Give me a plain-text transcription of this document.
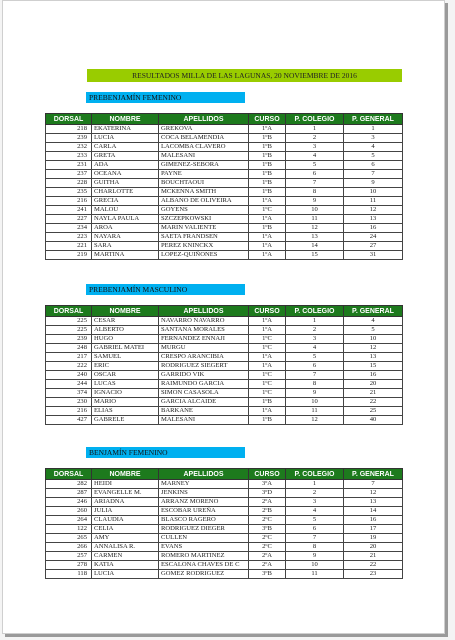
RESULTADOS MILLA DE LAS LAGUNAS, 20 NOVIEMBRE DE 2016
PREBENJAMÍN FEMENINO
DORSAL	NOMBRE	APELLIDOS	CURSO	P. COLEGIO	P. GENERAL
218	EKATERINA	GREKOVA	1ºA	1	1
239	LUCIA	COCA BELAMENDIA	1ºB	2	3
232	CARLA	LACOMBA CLAVERO	1ºB	3	4
233	GRETA	MALESANI	1ºB	4	5
231	ADA	GIMENEZ-SEBORA	1ºB	5	6
237	OCEANA	PAYNE	1ºB	6	7
228	GUITHA	BOUCHTAOUI	1ºB	7	9
235	CHARLOTTE	MCKENNA SMITH	1ºB	8	10
216	GRECIA	ALBANO DE OLIVEIRA	1ºA	9	11
241	MALOU	GOYENS	1ºC	10	12
227	NAYLA PAULA	SZCZEPKOWSKI	1ºA	11	13
234	AROA	MARIN VALIENTE	1ºB	12	16
223	NAYARA	SAETA FRANDSEN	1ºA	13	24
221	SARA	PEREZ KNINCKX	1ºA	14	27
219	MARTINA	LOPEZ-QUIÑONES	1ºA	15	31
PREBENJAMÍN MASCULINO
DORSAL	NOMBRE	APELLIDOS	CURSO	P. COLEGIO	P. GENERAL
225	CESAR	NAVARRO NAVARRO	1ºA	1	4
225	ALBERTO	SANTANA MORALES	1ºA	2	5
239	HUGO	FERNANDEZ ENNAJI	1ºC	3	10
248	GABRIEL MATEI	MURGU	1ºC	4	12
217	SAMUEL	CRESPO ARANCIBIA	1ºA	5	13
222	ERIC	RODRIGUEZ SIEGERT	1ºA	6	15
240	OSCAR	GARRIDO VIK	1ºC	7	16
244	LUCAS	RAIMUNDO GARCIA	1ºC	8	20
374	IGNACIO	SIMON CASASOLA	1ºC	9	21
230	MARIO	GARCIA ALCAIDE	1ºB	10	22
216	ELIAS	BARKANE	1ºA	11	25
427	GABRELE	MALESANI	1ºB	12	40
BENJAMÍN FEMENINO
DORSAL	NOMBRE	APELLIDOS	CURSO	P. COLEGIO	P. GENERAL
282	HEIDI	MARNEY	3ºA	1	7
287	EVANGELLE M.	JENKINS	3ºD	2	12
246	ARIADNA	ARRANZ MORENO	2ºA	3	13
260	JULIA	ESCOBAR UREÑA	2ºB	4	14
264	CLAUDIA	BLASCO RAGERO	2ºC	5	16
122	CELIA	RODRIGUEZ DIEGER	3ºB	6	17
265	AMY	CULLEN	2ºC	7	19
266	ANNALISA R.	EVANS	2ºC	8	20
257	CARMEN	ROMERO MARTINEZ	2ºA	9	21
278	KATIA	ESCALONA CHAVES DE C	2ºA	10	22
118	LUCIA	GOMEZ RODRIGUEZ	3ºB	11	23
